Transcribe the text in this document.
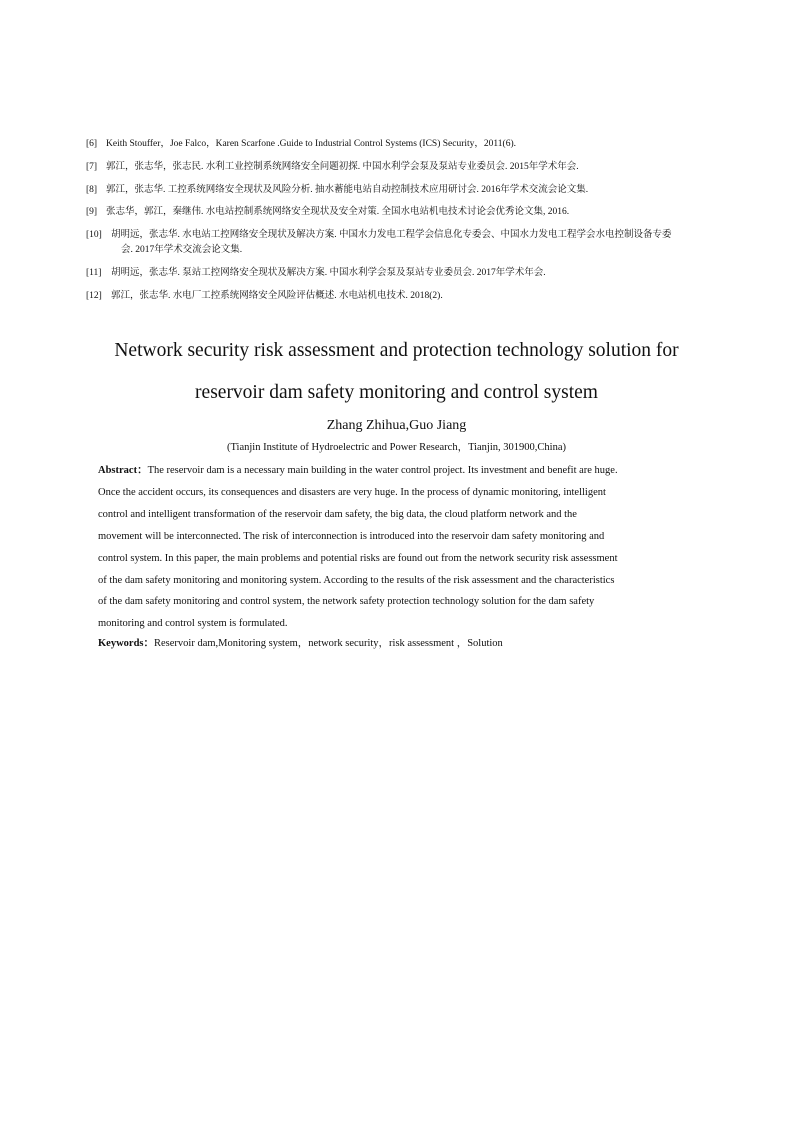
[6] Keith Stouffer，Joe Falco，Karen Scarfone .Guide to Industrial Control Systems (ICS) Security，2011(6).
[7] 郭江，张志华，张志民. 水利工业控制系统网络安全问题初探. 中国水利学会泵及泵站专业委员会. 2015年学术年会.
[8] 郭江，张志华. 工控系统网络安全现状及风险分析. 抽水蓄能电站自动控制技术应用研讨会. 2016年学术交流会论文集.
[9] 张志华，郭江，秦继伟. 水电站控制系统网络安全现状及安全对策. 全国水电站机电技术讨论会优秀论文集, 2016.
[10] 胡明远，张志华. 水电站工控网络安全现状及解决方案. 中国水力发电工程学会信息化专委会、中国水力发电工程学会水电控制设备专委
会. 2017年学术交流会论文集.
[11] 胡明远，张志华. 泵站工控网络安全现状及解决方案. 中国水利学会泵及泵站专业委员会. 2017年学术年会.
[12] 郭江，张志华. 水电厂工控系统网络安全风险评估概述. 水电站机电技术. 2018(2).
Network security risk assessment and protection technology solution for
reservoir dam safety monitoring and control system
Zhang Zhihua,Guo Jiang
(Tianjin Institute of Hydroelectric and Power Research，Tianjin, 301900,China)
Abstract：The reservoir dam is a necessary main building in the water control project. Its investment and benefit are huge.
Once the accident occurs, its consequences and disasters are very huge. In the process of dynamic monitoring, intelligent
control and intelligent transformation of the reservoir dam safety, the big data, the cloud platform network and the
movement will be interconnected. The risk of interconnection is introduced into the reservoir dam safety monitoring and
control system. In this paper, the main problems and potential risks are found out from the network security risk assessment
of the dam safety monitoring and monitoring system. According to the results of the risk assessment and the characteristics
of the dam safety monitoring and control system, the network safety protection technology solution for the dam safety
monitoring and control system is formulated.
Keywords：Reservoir dam,Monitoring system，network security，risk assessment ，Solution
